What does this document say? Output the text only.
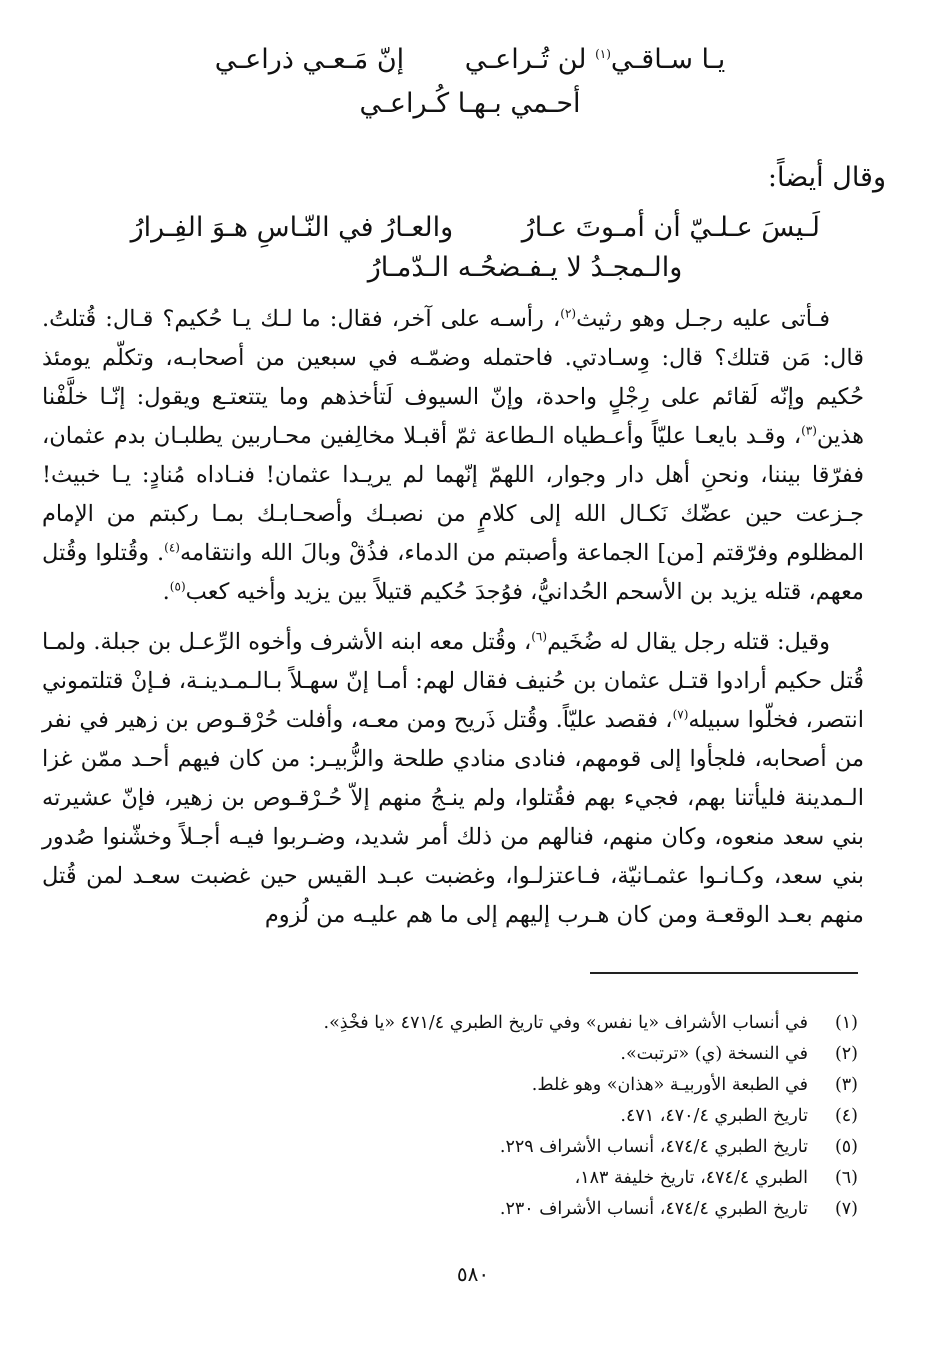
يـا سـاقـي$^{(١)}$ لن تُـراعـي إنّ مَـعـي ذراعـي
أحـمي بـهـا كُـراعـي
وقال أيضاً:
لَـيسَ عـلـيّ أن أمـوتَ عـارُ والعـارُ في النّـاسِ هـوَ الفِـرارُ
والـمجـدُ لا يـفـضحُـه الـدّمـارُ

فـأتى عليه رجـل وهو رثيث$^{(٢)}$، رأسـه على آخر، فقال: ما لـك يـا حُكيم؟ قـال: قُتلتُ. قال: مَن قتلك؟ قال: وِسـادتي. فاحتمله وضمّـه في سبعين من أصحابـه، وتكلّم يومئذ حُكيم وإنّه لَقائم على رِجْلٍ واحدة، وإنّ السيوف لَتأخذهم وما يتتعتـع ويقول: إنّـا خلَّفْنا هذين$^{(٣)}$، وقـد بايعـا عليّاً وأعـطياه الـطاعة ثمّ أقبـلا مخالِفين محـاربين يطلبـان بدم عثمان، ففرّقا بيننا، ونحنِ أهل دار وجوار، اللهمّ إنّهما لم يريـدا عثمان! فنـاداه مُنادٍ: يـا خبيث! جـزعت حين عضّك نَكـال الله إلى كلامٍ من نصبـك وأصحـابـك بمـا ركبتم من الإمام المظلوم وفرّقتم [من] الجماعة وأصبتم من الدماء، فذُقْ وبالَ الله وانتقامه$^{(٤)}$. وقُتلوا وقُتل معهم، قتله يزيد بن الأسحم الحُدانيُّ، فوُجدَ حُكيم قتيلاً بين يزيد وأخيه كعب$^{(٥)}$.

وقيل: قتله رجل يقال له ضُخَيم$^{(٦)}$، وقُتل معه ابنه الأشرف وأخوه الرِّعـل بن جبلة. ولمـا قُتل حكيم أرادوا قتـل عثمان بن حُنيف فقال لهم: أمـا إنّ سهـلاً بـالـمـدينـة، فـإنْ قتلتموني انتصر، فخلّوا سبيله$^{(٧)}$، فقصد عليّاً. وقُتل ذَريح ومن معـه، وأفلت حُرْقـوص بن زهير في نفر من أصحابه، فلجأوا إلى قومهم، فنادى منادي طلحة والزُّبيـر: من كان فيهم أحـد ممّن غزا الـمدينة فليأتنا بهم، فجيء بهم فقُتلوا، ولم ينـجُ منهم إلاّ حُـرْقـوص بن زهير، فإنّ عشيرته بني سعد منعوه، وكان منهم، فنالهم من ذلك أمر شديد، وضـربوا فيـه أجـلاً وخشّنوا صُدور بني سعد، وكـانـوا عثمـانيّة، فـاعتزلـوا، وغضبت عبـد القيس حين غضبت سعـد لمن قُتل منهم بعـد الوقعـة ومن كان هـرب إليهم إلى ما هم عليـه من لُزوم

(١)
في أنساب الأشراف «يا نفس» وفي تاريخ الطبري ٤٧١/٤ «يا فخْذِ».
(٢)
في النسخة (ي) «ترتبت».
(٣)
في الطبعة الأوربيـة «هذان» وهو غلط.
(٤)
تاريخ الطبري ٤٧٠/٤، ٤٧١.
(٥)
تاريخ الطبري ٤٧٤/٤، أنساب الأشراف ٢٢٩.
(٦)
الطبري ٤٧٤/٤، تاريخ خليفة ١٨٣،
(٧)
تاريخ الطبري ٤٧٤/٤، أنساب الأشراف ٢٣٠.
٥٨٠
